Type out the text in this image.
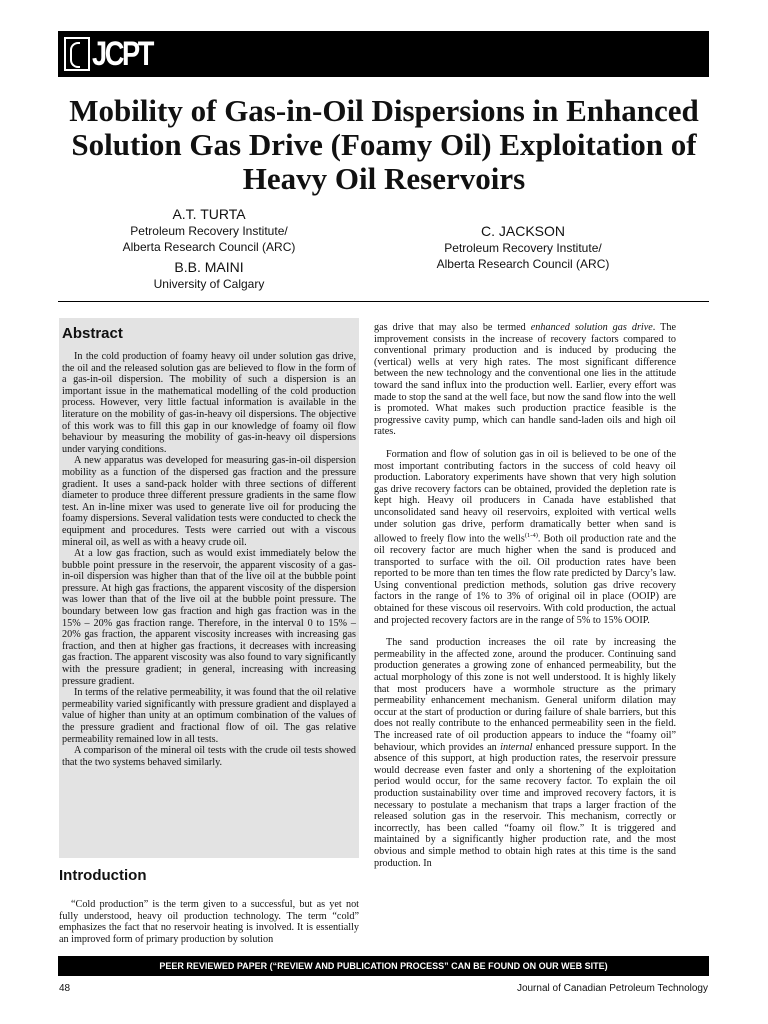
JCPT
Mobility of Gas-in-Oil Dispersions in Enhanced Solution Gas Drive (Foamy Oil) Exploitation of Heavy Oil Reservoirs
A.T. TURTA
Petroleum Recovery Institute/
Alberta Research Council (ARC)
B.B. MAINI
University of Calgary
C. JACKSON
Petroleum Recovery Institute/
Alberta Research Council (ARC)
Abstract

In the cold production of foamy heavy oil under solution gas drive, the oil and the released solution gas are believed to flow in the form of a gas-in-oil dispersion. The mobility of such a dispersion is an important issue in the mathematical modelling of the cold production process. However, very little factual information is available in the literature on the mobility of gas-in-heavy oil dispersions. The objective of this work was to fill this gap in our knowledge of foamy oil flow behaviour by measuring the mobility of gas-in-heavy oil dispersions under varying conditions.

A new apparatus was developed for measuring gas-in-oil dispersion mobility as a function of the dispersed gas fraction and the pressure gradient. It uses a sand-pack holder with three sections of different diameter to produce three different pressure gradients in the same flow test. An in-line mixer was used to generate live oil for producing the foamy dispersions. Several validation tests were conducted to check the equipment and procedures. Tests were carried out with a viscous mineral oil, as well as with a heavy crude oil.

At a low gas fraction, such as would exist immediately below the bubble point pressure in the reservoir, the apparent viscosity of a gas-in-oil dispersion was higher than that of the live oil at the bubble point pressure. At high gas fractions, the apparent viscosity of the dispersion was lower than that of the live oil at the bubble point pressure. The boundary between low gas fraction and high gas fraction was in the 15% – 20% gas fraction range. Therefore, in the interval 0 to 15% – 20% gas fraction, the apparent viscosity increases with increasing gas fraction, and then at higher gas fractions, it decreases with increasing gas fraction. The apparent viscosity was also found to vary significantly with the pressure gradient; in general, increasing with increasing pressure gradient.

In terms of the relative permeability, it was found that the oil relative permeability varied significantly with pressure gradient and displayed a value of higher than unity at an optimum combination of the values of the pressure gradient and fractional flow of oil. The gas relative permeability remained low in all tests.

A comparison of the mineral oil tests with the crude oil tests showed that the two systems behaved similarly.

Introduction

“Cold production” is the term given to a successful, but as yet not fully understood, heavy oil production technology. The term “cold” emphasizes the fact that no reservoir heating is involved. It is essentially an improved form of primary production by solution

gas drive that may also be termed enhanced solution gas drive. The improvement consists in the increase of recovery factors compared to conventional primary production and is induced by producing the (vertical) wells at very high rates. The most significant difference between the new technology and the conventional one lies in the attitude toward the sand influx into the production well. Earlier, every effort was made to stop the sand at the well face, but now the sand flow into the well is promoted. What makes such production practice feasible is the progressive cavity pump, which can handle sand-laden oils and high oil rates.

Formation and flow of solution gas in oil is believed to be one of the most important contributing factors in the success of cold heavy oil production. Laboratory experiments have shown that very high solution gas drive recovery factors can be obtained, provided the depletion rate is kept high. Heavy oil producers in Canada have established that unconsolidated sand heavy oil reservoirs, exploited with vertical wells under solution gas drive, perform dramatically better when sand is allowed to freely flow into the wells$^{(1-4)}$. Both oil production rate and the oil recovery factor are much higher when the sand is produced and transported to surface with the oil. Oil production rates have been reported to be more than ten times the flow rate predicted by Darcy’s law. Using conventional prediction methods, solution gas drive recovery factors in the range of 1% to 3% of original oil in place (OOIP) are obtained for these viscous oil reservoirs. With cold production, the actual and projected recovery factors are in the range of 5% to 15% OOIP.

The sand production increases the oil rate by increasing the permeability in the affected zone, around the producer. Continuing sand production generates a growing zone of enhanced permeability, but the actual morphology of this zone is not well understood. It is highly likely that most producers have a wormhole structure as the primary permeability enhancement mechanism. General uniform dilation may occur at the start of production or during failure of shale barriers, but this does not really contribute to the enhanced permeability seen in the field. The increased rate of oil production appears to induce the “foamy oil” behaviour, which provides an internal enhanced pressure support. In the absence of this support, at high production rates, the reservoir pressure would decrease even faster and only a shortening of the exploitation period would occur, for the same recovery factor. To explain the oil production sustainability over time and improved recovery factors, it is necessary to postulate a mechanism that traps a larger fraction of the released solution gas in the reservoir. This mechanism, correctly or incorrectly, has been called “foamy oil flow.” It is triggered and maintained by a significantly higher production rate, and the most obvious and simple method to obtain high rates at this time is the sand production. In

PEER REVIEWED PAPER (“REVIEW AND PUBLICATION PROCESS” CAN BE FOUND ON OUR WEB SITE)
48	Journal of Canadian Petroleum Technology
